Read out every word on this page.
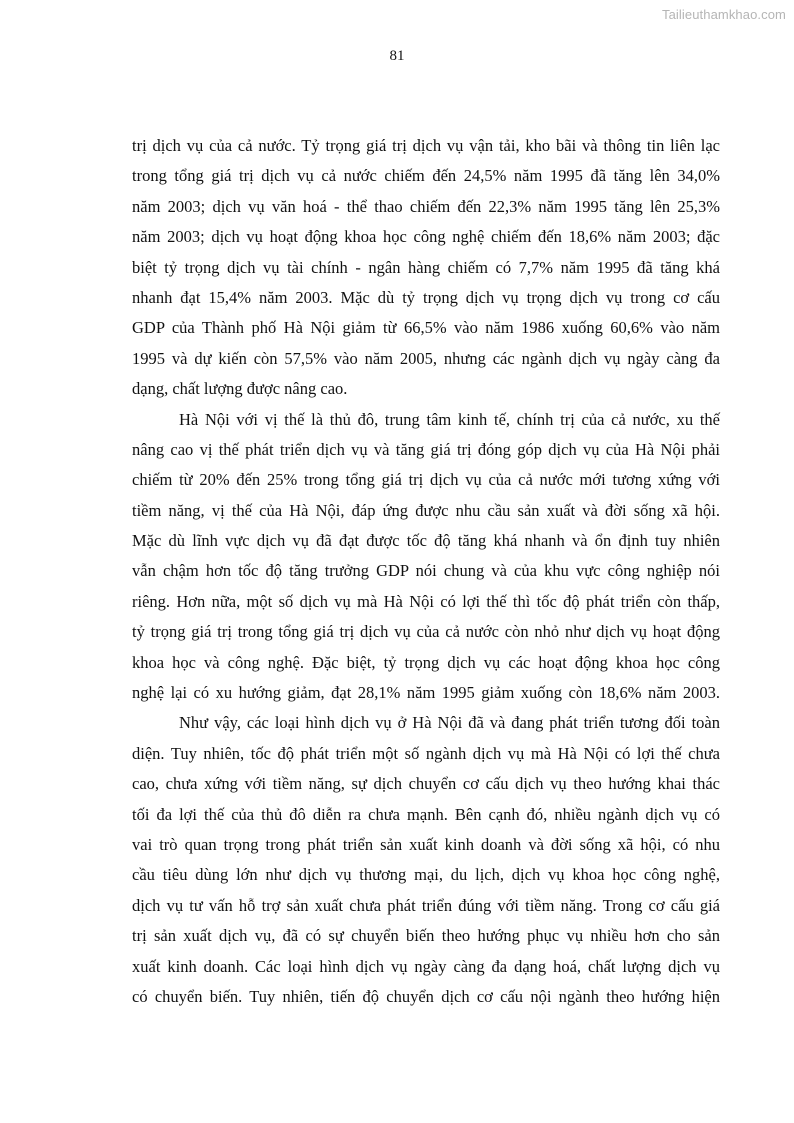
Tailieuthamkhao.com
81
trị dịch vụ của cả nước. Tỷ trọng giá trị dịch vụ vận tải, kho bãi và thông tin liên lạc
trong tổng giá trị dịch vụ cả nước chiếm đến 24,5% năm 1995 đã tăng lên 34,0%
năm 2003; dịch vụ văn hoá - thể thao chiếm đến 22,3% năm 1995 tăng lên 25,3%
năm 2003; dịch vụ hoạt động khoa học công nghệ chiếm đến 18,6% năm 2003; đặc
biệt tỷ trọng dịch vụ tài chính - ngân hàng chiếm có 7,7% năm 1995 đã tăng khá
nhanh đạt 15,4% năm 2003. Mặc dù tỷ trọng dịch vụ trọng dịch vụ trong cơ cấu
GDP của Thành phố Hà Nội giảm từ 66,5% vào năm 1986 xuống 60,6% vào năm
1995 và dự kiến còn 57,5% vào năm 2005, nhưng các ngành dịch vụ ngày càng đa
dạng, chất lượng được nâng cao.
Hà Nội với vị thế là thủ đô, trung tâm kinh tế, chính trị của cả nước, xu thế
nâng cao vị thế phát triển dịch vụ và tăng giá trị đóng góp dịch vụ của Hà Nội phải
chiếm từ 20% đến 25% trong tổng giá trị dịch vụ của cả nước mới tương xứng với
tiềm năng, vị thế của Hà Nội, đáp ứng được nhu cầu sản xuất và đời sống xã hội.
Mặc dù lĩnh vực dịch vụ đã đạt được tốc độ tăng khá nhanh và ổn định tuy nhiên
vẫn chậm hơn tốc độ tăng trưởng GDP nói chung và của khu vực công nghiệp nói
riêng. Hơn nữa, một số dịch vụ mà Hà Nội có lợi thế thì tốc độ phát triển còn thấp,
tỷ trọng giá trị trong tổng giá trị dịch vụ của cả nước còn nhỏ như dịch vụ hoạt động
khoa học và công nghệ. Đặc biệt, tỷ trọng dịch vụ các hoạt động khoa học công
nghệ lại có xu hướng giảm, đạt 28,1% năm 1995 giảm xuống còn 18,6% năm 2003.
Như vậy, các loại hình dịch vụ ở Hà Nội đã và đang phát triển tương đối toàn
diện. Tuy nhiên, tốc độ phát triển một số ngành dịch vụ mà Hà Nội có lợi thế chưa
cao, chưa xứng với tiềm năng, sự dịch chuyển cơ cấu dịch vụ theo hướng khai thác
tối đa lợi thế của thủ đô diễn ra chưa mạnh. Bên cạnh đó, nhiều ngành dịch vụ có
vai trò quan trọng trong phát triển sản xuất kinh doanh và đời sống xã hội, có nhu
cầu tiêu dùng lớn như dịch vụ thương mại, du lịch, dịch vụ khoa học công nghệ,
dịch vụ tư vấn hỗ trợ sản xuất chưa phát triển đúng với tiềm năng. Trong cơ cấu giá
trị sản xuất dịch vụ, đã có sự chuyển biến theo hướng phục vụ nhiều hơn cho sản
xuất kinh doanh. Các loại hình dịch vụ ngày càng đa dạng hoá, chất lượng dịch vụ
có chuyển biến. Tuy nhiên, tiến độ chuyển dịch cơ cấu nội ngành theo hướng hiện
